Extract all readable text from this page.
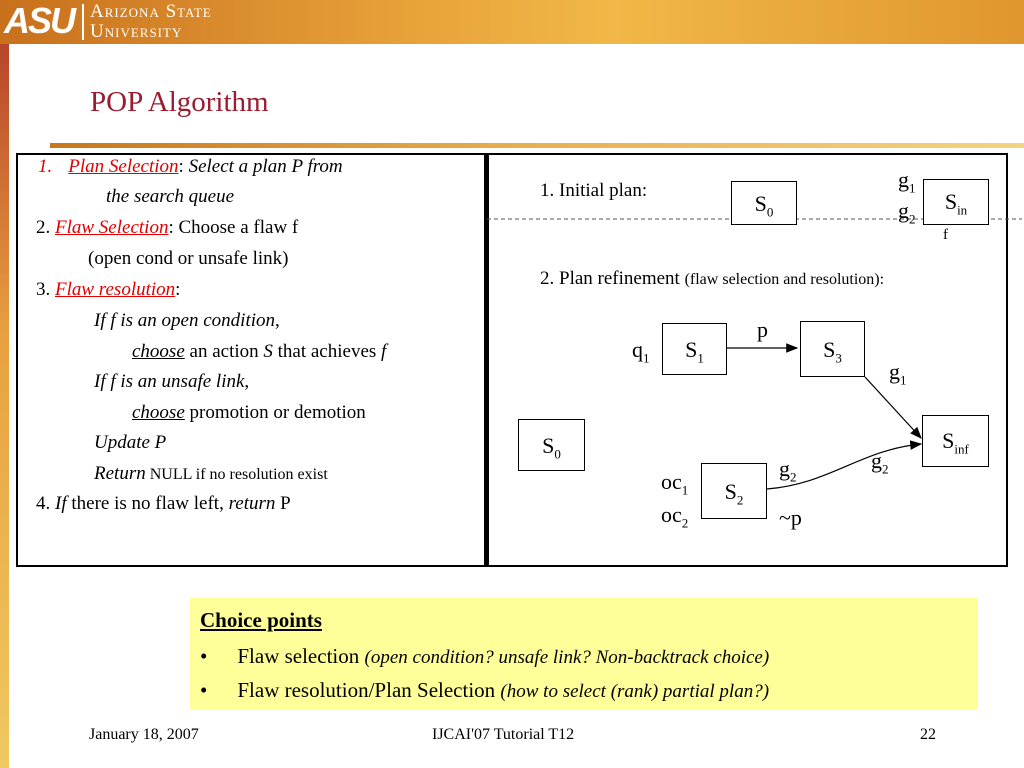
ASU Arizona State
University
POP Algorithm
1. Plan Selection: Select a plan P from
the search queue
2. Flaw Selection: Choose a flaw f
(open cond or unsafe link)
3. Flaw resolution:
If f is an open condition,
choose an action S that achieves f
If f is an unsafe link,
choose promotion or demotion
Update P
Return NULL if no resolution exist
4. If there is no flaw left, return P
1. Initial plan:
$S_0$	$S_{in}$
f
$g_1$
$g_2$
2. Plan refinement (flaw selection and resolution):
$S_1$	$S_3$
$S_0$
$S_{inf}$
$S_2$
p
$q_1$
$g_1$
$g_2$
$g_2$
$oc_1$
$oc_2$	~p
Choice points
• Flaw selection (open condition? unsafe link? Non-backtrack choice)
• Flaw resolution/Plan Selection (how to select (rank) partial plan?)
January 18, 2007	IJCAI'07 Tutorial T12	22
